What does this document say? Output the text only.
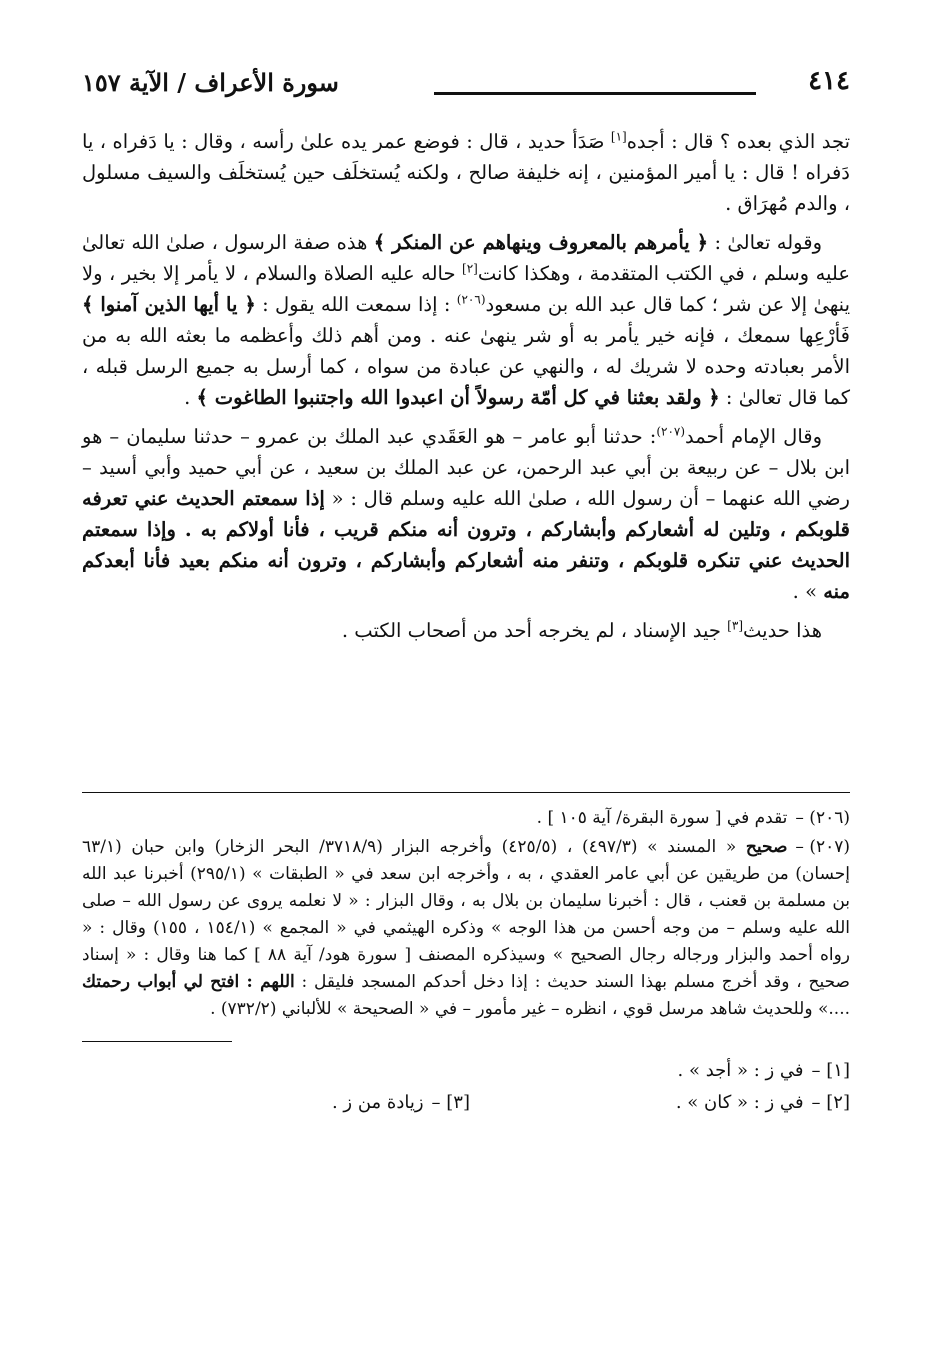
٤١٤
سورة الأعراف / الآية ١٥٧

تجد الذي بعده ؟ قال : أجده[١] صَدَأ حديد ، قال : فوضع عمر يده علىٰ رأسه ، وقال : يا دَفراه ، يا دَفراه ! قال : يا أمير المؤمنين ، إنه خليفة صالح ، ولكنه يُستخلَف حين يُستخلَف والسيف مسلول ، والدم مُهرَاق .

وقوله تعالىٰ : ﴿ يأمرهم بالمعروف وينهاهم عن المنكر ﴾ هذه صفة الرسول ، صلىٰ الله تعالىٰ عليه وسلم ، في الكتب المتقدمة ، وهكذا كانت[٢] حاله عليه الصلاة والسلام ، لا يأمر إلا بخير ، ولا ينهىٰ إلا عن شر ؛ كما قال عبد الله بن مسعود$^{(٢٠٦)}$ : إذا سمعت الله يقول : ﴿ يا أيها الذين آمنوا ﴾ فَأرْعِها سمعك ، فإنه خير يأمر به أو شر ينهىٰ عنه . ومن أهم ذلك وأعظمه ما بعثه الله به من الأمر بعبادته وحده لا شريك له ، والنهي عن عبادة من سواه ، كما أرسل به جميع الرسل قبله ، كما قال تعالىٰ : ﴿ ولقد بعثنا في كل أمّة رسولاً أن اعبدوا الله واجتنبوا الطاغوت ﴾ .

وقال الإمام أحمد$^{(٢٠٧)}$: حدثنا أبو عامر – هو العَقَدي عبد الملك بن عمرو – حدثنا سليمان – هو ابن بلال – عن ربيعة بن أبي عبد الرحمن، عن عبد الملك بن سعيد ، عن أبي حميد وأبي أسيد – رضي الله عنهما – أن رسول الله ، صلىٰ الله عليه وسلم قال : « إذا سمعتم الحديث عني تعرفه قلوبكم ، وتلين له أشعاركم وأبشاركم ، وترون أنه منكم قريب ، فأنا أولاكم به . وإذا سمعتم الحديث عني تنكره قلوبكم ، وتنفر منه أشعاركم وأبشاركم ، وترون أنه منكم بعيد فأنا أبعدكم منه » .

هذا حديث[٣] جيد الإسناد ، لم يخرجه أحد من أصحاب الكتب .

(٢٠٦) –تقدم في [ سورة البقرة/ آية ١٠٥ ] .

(٢٠٧) –صحيح « المسند » (٤٩٧/٣) ، (٤٢٥/٥) وأخرجه البزار (٣٧١٨/٩/ البحر الزخار) وابن حبان (٦٣/١ إحسان) من طريقين عن أبي عامر العقدي ، به ، وأخرجه ابن سعد في « الطبقات » (٢٩٥/١) أخبرنا عبد الله بن مسلمة بن قعنب ، قال : أخبرنا سليمان بن بلال به ، وقال البزار : « لا نعلمه يروى عن رسول الله – صلى الله عليه وسلم – من وجه أحسن من هذا الوجه » وذكره الهيثمي في « المجمع » (١٥٤/١ ، ١٥٥) وقال : « رواه أحمد والبزار ورجاله رجال الصحيح » وسيذكره المصنف [ سورة هود/ آية ٨٨ ] كما هنا وقال : « إسناد صحيح ، وقد أخرج مسلم بهذا السند حديث : إذا دخل أحدكم المسجد فليقل : اللهم : افتح لي أبواب رحمتك ....» وللحديث شاهد مرسل قوي ، انظره – غير مأمور – في « الصحيحة » للألباني (٧٣٢/٢) .

[١] –في ز : « أجد » .
[٢] –في ز : « كان » .
[٣] –زيادة من ز .
